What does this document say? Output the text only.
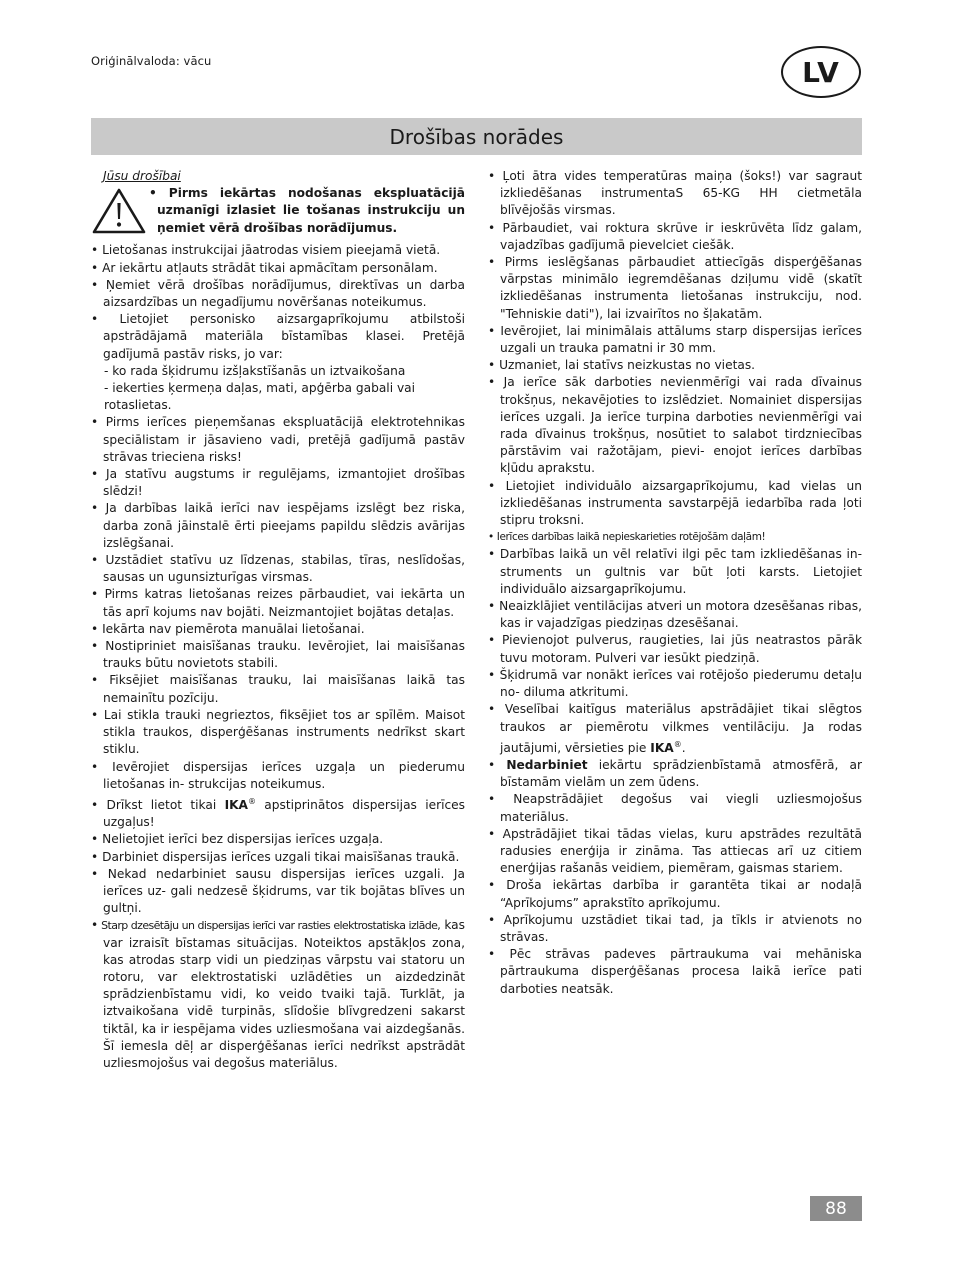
Oriģinālvaloda: vācu	LV
Drošības norādes
Jūsu drošībai
• Pirms iekārtas nodošanas ekspluatācijā uzmanīgi izlasiet lie tošanas instrukciju un ņemiet vērā drošības norādījumus.
• Lietošanas instrukcijai jāatrodas visiem pieejamā vietā.
• Ar iekārtu atļauts strādāt tikai apmācītam personālam.
• Ņemiet vērā drošības norādījumus, direktīvas un darba aizsardzības un negadījumu novēršanas noteikumus.
• Lietojiet personisko aizsargaprīkojumu atbilstoši apstrādājamā materiāla bīstamības klasei. Pretējā gadījumā pastāv risks, jo var:
- ko rada šķidrumu izšļakstīšanās un iztvaikošana
- iekerties ķermeņa daļas, mati, apģērba gabali vai rotaslietas.
• Pirms ierīces pieņemšanas ekspluatācijā elektrotehnikas speciālistam ir jāsavieno vadi, pretējā gadījumā pastāv strāvas trieciena risks!
• Ja statīvu augstums ir regulējams, izmantojiet drošības slēdzi!
• Ja darbības laikā ierīci nav iespējams izslēgt bez riska, darba zonā jāinstalē ērti pieejams papildu slēdzis avārijas izslēgšanai.
• Uzstādiet statīvu uz līdzenas, stabilas, tīras, neslīdošas, sausas un ugunsizturīgas virsmas.
• Pirms katras lietošanas reizes pārbaudiet, vai iekārta un tās aprī kojums nav bojāti. Neizmantojiet bojātas detaļas.
• Iekārta nav piemērota manuālai lietošanai.
• Nostipriniet maisīšanas trauku. Ievērojiet, lai maisīšanas trauks būtu novietots stabili.
• Fiksējiet maisīšanas trauku, lai maisīšanas laikā tas nemainītu pozīciju.
• Lai stikla trauki negrieztos, fiksējiet tos ar spīlēm. Maisot stikla traukos, disperģēšanas instruments nedrīkst skart stiklu.
• Ievērojiet dispersijas ierīces uzgaļa un piederumu lietošanas in- strukcijas noteikumus.
• Drīkst lietot tikai IKA® apstiprinātos dispersijas ierīces uzgaļus!
• Nelietojiet ierīci bez dispersijas ierīces uzgaļa.
• Darbiniet dispersijas ierīces uzgali tikai maisīšanas traukā.
• Nekad nedarbiniet sausu dispersijas ierīces uzgali. Ja ierīces uz- gali nedzesē šķidrums, var tik bojātas blīves un gultņi.
• Starp dzesētāju un dispersijas ierīci var rasties elektrostatiska izlāde, kas var izraisīt bīstamas situācijas. Noteiktos apstākļos zona, kas atrodas starp vidi un piedziņas vārpstu vai statoru un rotoru, var elektrostatiski uzlādēties un aizdedzināt sprādzienbīstamu vidi, ko veido tvaiki tajā. Turklāt, ja iztvaikošana vidē turpinās, slīdošie blīvgredzeni sakarst tiktāl, ka ir iespējama vides uzliesmošana vai aizdegšanās. Šī iemesla dēļ ar disperģēšanas ierīci nedrīkst apstrādāt uzliesmojošus vai degošus materiālus.
• Ļoti ātra vides temperatūras maiņa (šoks!) var sagraut izkliedēšanas instrumentaS 65-KG HH cietmetāla blīvējošās virsmas.
• Pārbaudiet, vai roktura skrūve ir ieskrūvēta līdz galam, vajadzības gadījumā pievelciet ciešāk.
• Pirms ieslēgšanas pārbaudiet attiecīgās disperģēšanas vārpstas minimālo iegremdēšanas dziļumu vidē (skatīt izkliedēšanas instrumenta lietošanas instrukciju, nod. "Tehniskie dati"), lai izvairītos no šļakatām.
• Ievērojiet, lai minimālais attālums starp dispersijas ierīces uzgali un trauka pamatni ir 30 mm.
• Uzmaniet, lai statīvs neizkustas no vietas.
• Ja ierīce sāk darboties nevienmērīgi vai rada dīvainus trokšņus, nekavējoties to izslēdziet. Nomainiet dispersijas ierīces uzgali. Ja ierīce turpina darboties nevienmērīgi vai rada dīvainus trokšņus, nosūtiet to salabot tirdzniecības pārstāvim vai ražotājam, pievi- enojot ierīces darbības kļūdu aprakstu.
• Lietojiet individuālo aizsargaprīkojumu, kad vielas un izkliedēšanas instrumenta savstarpējā iedarbība rada ļoti stipru troksni.
• Ierīces darbības laikā nepieskarieties rotējošām daļām!
• Darbības laikā un vēl relatīvi ilgi pēc tam izkliedēšanas in- struments un gultnis var būt ļoti karsts. Lietojiet individuālo aizsargaprīkojumu.
• Neaizklājiet ventilācijas atveri un motora dzesēšanas ribas, kas ir vajadzīgas piedziņas dzesēšanai.
• Pievienojot pulverus, raugieties, lai jūs neatrastos pārāk tuvu motoram. Pulveri var iesūkt piedziņā.
• Šķidrumā var nonākt ierīces vai rotējošo piederumu detaļu no- diluma atkritumi.
• Veselībai kaitīgus materiālus apstrādājiet tikai slēgtos traukos ar piemērotu vilkmes ventilāciju. Ja rodas jautājumi, vērsieties pie IKA®.
• Nedarbiniet iekārtu sprādzienbīstamā atmosfērā, ar bīstamām vielām un zem ūdens.
• Neapstrādājiet degošus vai viegli uzliesmojošus materiālus.
• Apstrādājiet tikai tādas vielas, kuru apstrādes rezultātā radusies enerģija ir zināma. Tas attiecas arī uz citiem enerģijas rašanās veidiem, piemēram, gaismas stariem.
• Droša iekārtas darbība ir garantēta tikai ar nodaļā “Aprīkojums” aprakstīto aprīkojumu.
• Aprīkojumu uzstādiet tikai tad, ja tīkls ir atvienots no strāvas.
• Pēc strāvas padeves pārtraukuma vai mehāniska pārtraukuma disperģēšanas procesa laikā ierīce pati darboties neatsāk.
88
